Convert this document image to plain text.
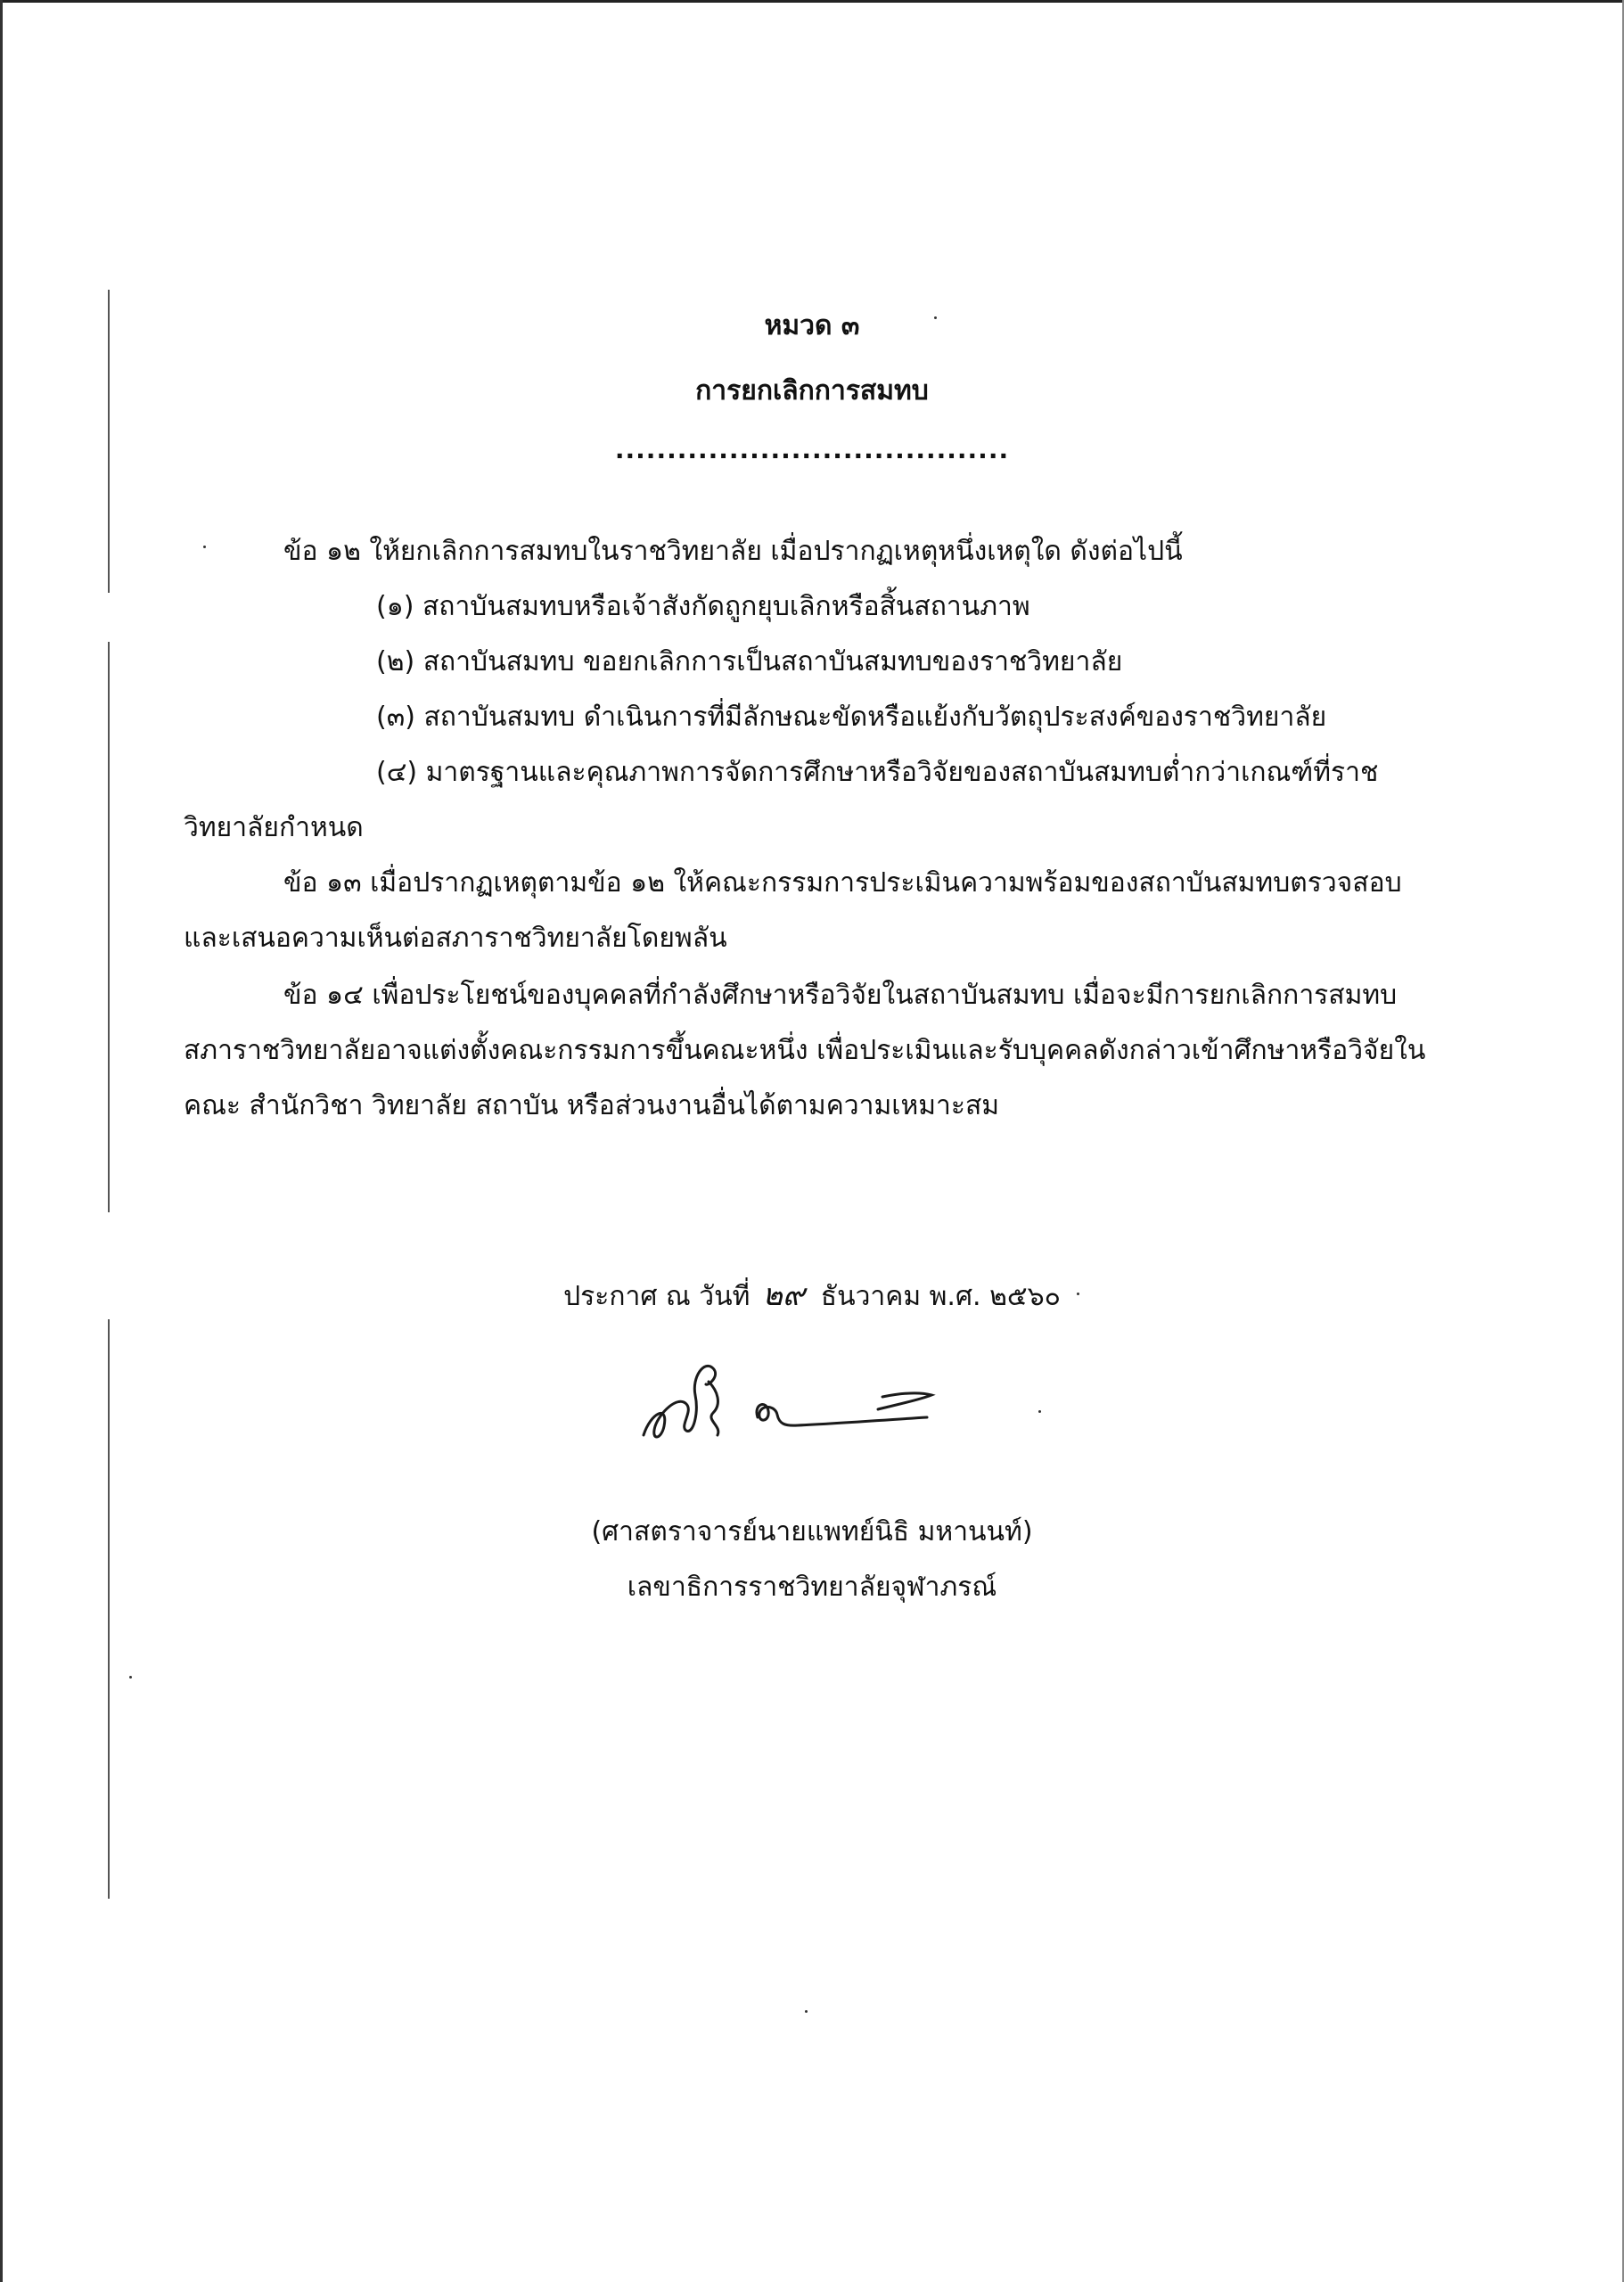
หมวด ๓
การยกเลิกการสมทบ
......................................
ข้อ ๑๒ ให้ยกเลิกการสมทบในราชวิทยาลัย เมื่อปรากฏเหตุหนึ่งเหตุใด ดังต่อไปนี้
(๑) สถาบันสมทบหรือเจ้าสังกัดถูกยุบเลิกหรือสิ้นสถานภาพ
(๒) สถาบันสมทบ ขอยกเลิกการเป็นสถาบันสมทบของราชวิทยาลัย
(๓) สถาบันสมทบ ดำเนินการที่มีลักษณะขัดหรือแย้งกับวัตถุประสงค์ของราชวิทยาลัย
(๔) มาตรฐานและคุณภาพการจัดการศึกษาหรือวิจัยของสถาบันสมทบต่ำกว่าเกณฑ์ที่ราช
วิทยาลัยกำหนด
ข้อ ๑๓ เมื่อปรากฏเหตุตามข้อ ๑๒ ให้คณะกรรมการประเมินความพร้อมของสถาบันสมทบตรวจสอบ
และเสนอความเห็นต่อสภาราชวิทยาลัยโดยพลัน
ข้อ ๑๔ เพื่อประโยชน์ของบุคคลที่กำลังศึกษาหรือวิจัยในสถาบันสมทบ เมื่อจะมีการยกเลิกการสมทบ
สภาราชวิทยาลัยอาจแต่งตั้งคณะกรรมการขึ้นคณะหนึ่ง เพื่อประเมินและรับบุคคลดังกล่าวเข้าศึกษาหรือวิจัยใน
คณะ สำนักวิชา วิทยาลัย สถาบัน หรือส่วนงานอื่นได้ตามความเหมาะสม
ประกาศ ณ วันที่ ๒๙ ธันวาคม พ.ศ. ๒๕๖๐
(ศาสตราจารย์นายแพทย์นิธิ มหานนท์)
เลขาธิการราชวิทยาลัยจุฬาภรณ์
